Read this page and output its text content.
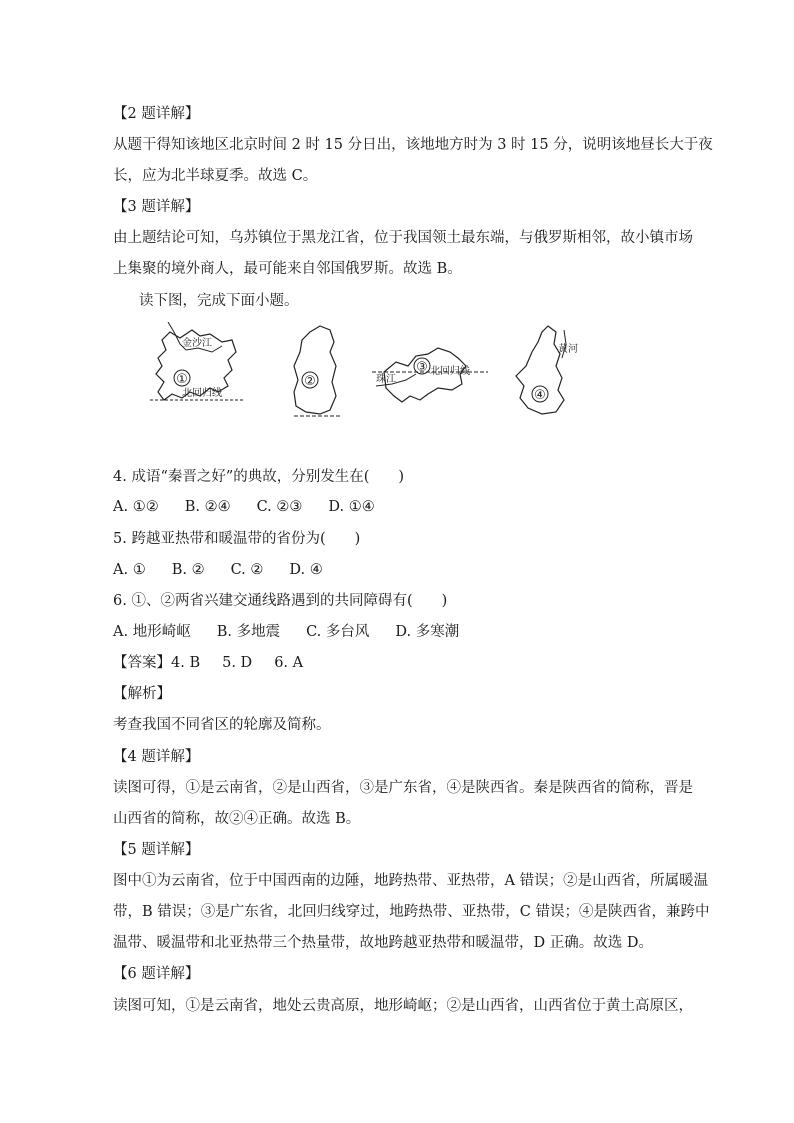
【2 题详解】
从题干得知该地区北京时间 2 时 15 分日出，该地地方时为 3 时 15 分，说明该地昼长大于夜
长，应为北半球夏季。故选 C。
【3 题详解】
由上题结论可知，乌苏镇位于黑龙江省，位于我国领土最东端，与俄罗斯相邻，故小镇市场
上集聚的境外商人，最可能来自邻国俄罗斯。故选 B。
读下图，完成下面小题。
①
金沙江
北回归线
②
③ 北回归线
珠江
④
黄河
4. 成语“秦晋之好”的典故，分别发生在(　　)
A. ①② B. ②④ C. ②③ D. ①④
5. 跨越亚热带和暖温带的省份为(　　)
A. ① B. ② C. ② D. ④
6. ①、②两省兴建交通线路遇到的共同障碍有(　　)
A. 地形崎岖 B. 多地震 C. 多台风 D. 多寒潮
【答案】4. B 5. D 6. A
【解析】
考查我国不同省区的轮廓及简称。
【4 题详解】
读图可得，①是云南省，②是山西省，③是广东省，④是陕西省。秦是陕西省的简称，晋是
山西省的简称，故②④正确。故选 B。
【5 题详解】
图中①为云南省，位于中国西南的边陲，地跨热带、亚热带，A 错误；②是山西省，所属暖温
带，B 错误；③是广东省，北回归线穿过，地跨热带、亚热带，C 错误；④是陕西省，兼跨中
温带、暖温带和北亚热带三个热量带，故地跨越亚热带和暖温带，D 正确。故选 D。
【6 题详解】
读图可知，①是云南省，地处云贵高原，地形崎岖；②是山西省，山西省位于黄土高原区，
